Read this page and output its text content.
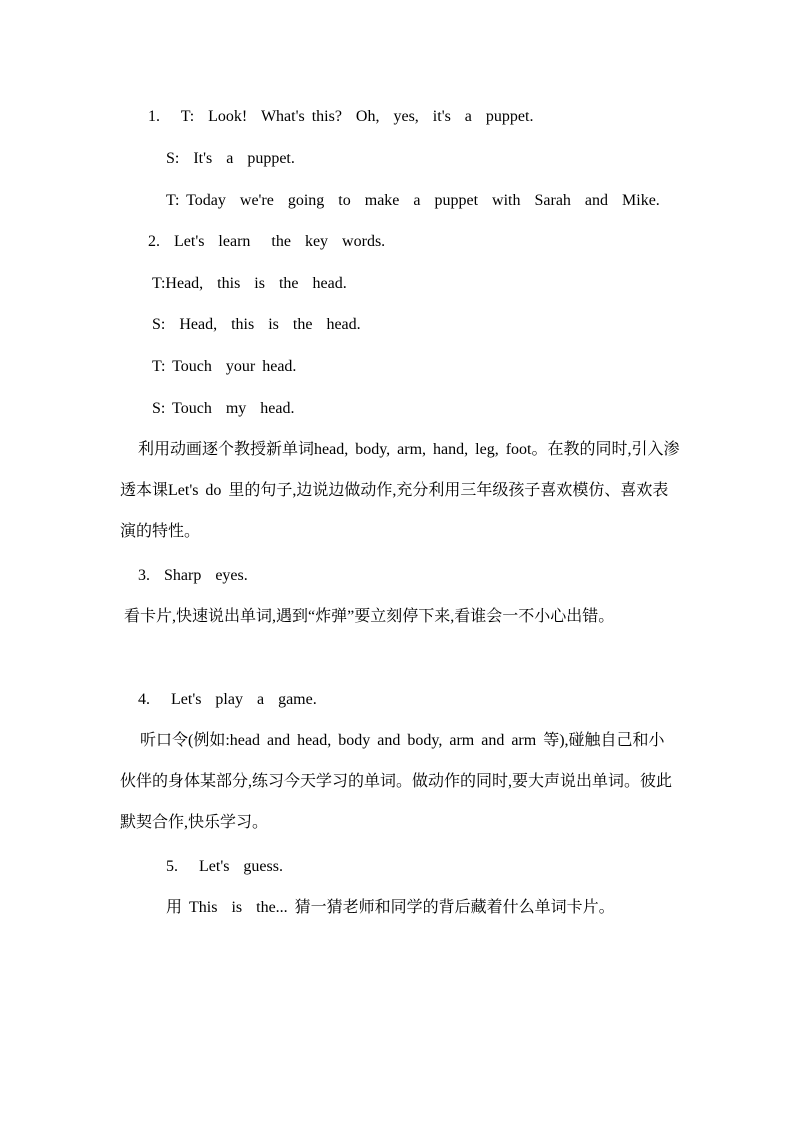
1.   T:  Look!  What's this?  Oh,  yes,  it's  a  puppet.
S:  It's  a  puppet.
T: Today  we're  going  to  make  a  puppet  with  Sarah  and  Mike.
2.  Let's  learn   the  key  words.
T:Head,  this  is  the  head.
S:  Head,  this  is  the  head.
T: Touch  your head.
S: Touch  my  head.
利用动画逐个教授新单词head, body, arm, hand, leg, foot。在教的同时,引入渗透本课Let's do 里的句子,边说边做动作,充分利用三年级孩子喜欢模仿、喜欢表演的特性。
3.  Sharp  eyes.
看卡片,快速说出单词,遇到“炸弹”要立刻停下来,看谁会一不小心出错。
4.   Let's  play  a  game.
听口令(例如:head and head, body and body, arm and arm 等),碰触自己和小伙伴的身体某部分,练习今天学习的单词。做动作的同时,要大声说出单词。彼此默契合作,快乐学习。
5.   Let's  guess.
用 This  is  the... 猜一猜老师和同学的背后藏着什么单词卡片。
